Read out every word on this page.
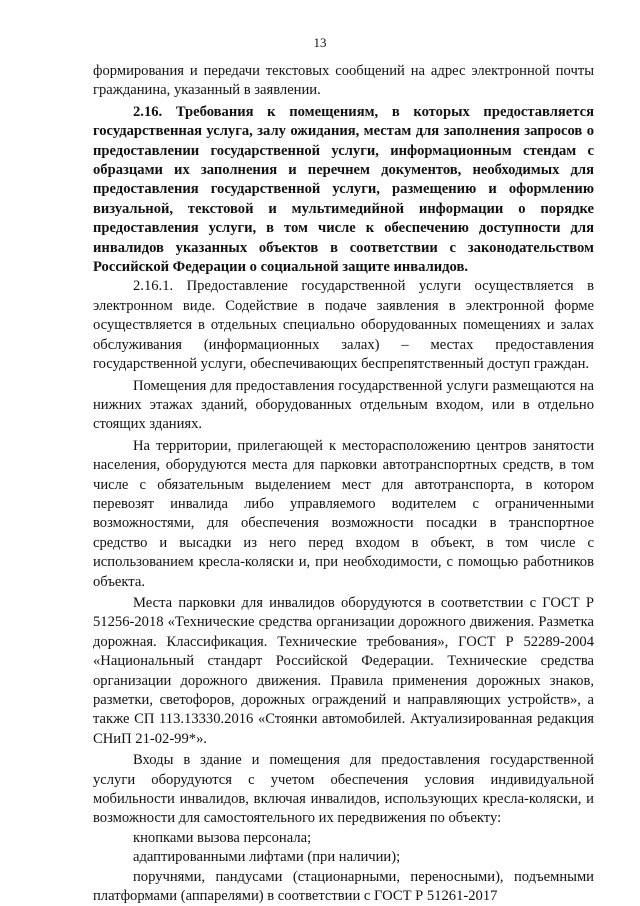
13

формирования и передачи текстовых сообщений на адрес электронной почты гражданина, указанный в заявлении.

2.16. Требования к помещениям, в которых предоставляется государственная услуга, залу ожидания, местам для заполнения запросов о предоставлении государственной услуги, информационным стендам с образцами их заполнения и перечнем документов, необходимых для предоставления государственной услуги, размещению и оформлению визуальной, текстовой и мультимедийной информации о порядке предоставления услуги, в том числе к обеспечению доступности для инвалидов указанных объектов в соответствии с законодательством Российской Федерации о социальной защите инвалидов.

2.16.1. Предоставление государственной услуги осуществляется в электронном виде. Содействие в подаче заявления в электронной форме осуществляется в отдельных специально оборудованных помещениях и залах обслуживания (информационных залах) – местах предоставления государственной услуги, обеспечивающих беспрепятственный доступ граждан.

Помещения для предоставления государственной услуги размещаются на нижних этажах зданий, оборудованных отдельным входом, или в отдельно стоящих зданиях.

На территории, прилегающей к месторасположению центров занятости населения, оборудуются места для парковки автотранспортных средств, в том числе с обязательным выделением мест для автотранспорта, в котором перевозят инвалида либо управляемого водителем с ограниченными возможностями, для обеспечения возможности посадки в транспортное средство и высадки из него перед входом в объект, в том числе с использованием кресла-коляски и, при необходимости, с помощью работников объекта.

Места парковки для инвалидов оборудуются в соответствии с ГОСТ Р 51256-2018 «Технические средства организации дорожного движения. Разметка дорожная. Классификация. Технические требования», ГОСТ Р 52289-2004 «Национальный стандарт Российской Федерации. Технические средства организации дорожного движения. Правила применения дорожных знаков, разметки, светофоров, дорожных ограждений и направляющих устройств», а также СП 113.13330.2016 «Стоянки автомобилей. Актуализированная редакция СНиП 21-02-99*».

Входы в здание и помещения для предоставления государственной услуги оборудуются с учетом обеспечения условия индивидуальной мобильности инвалидов, включая инвалидов, использующих кресла-коляски, и возможности для самостоятельного их передвижения по объекту:

кнопками вызова персонала;

адаптированными лифтами (при наличии);

поручнями, пандусами (стационарными, переносными), подъемными платформами (аппарелями) в соответствии с ГОСТ Р 51261-2017
